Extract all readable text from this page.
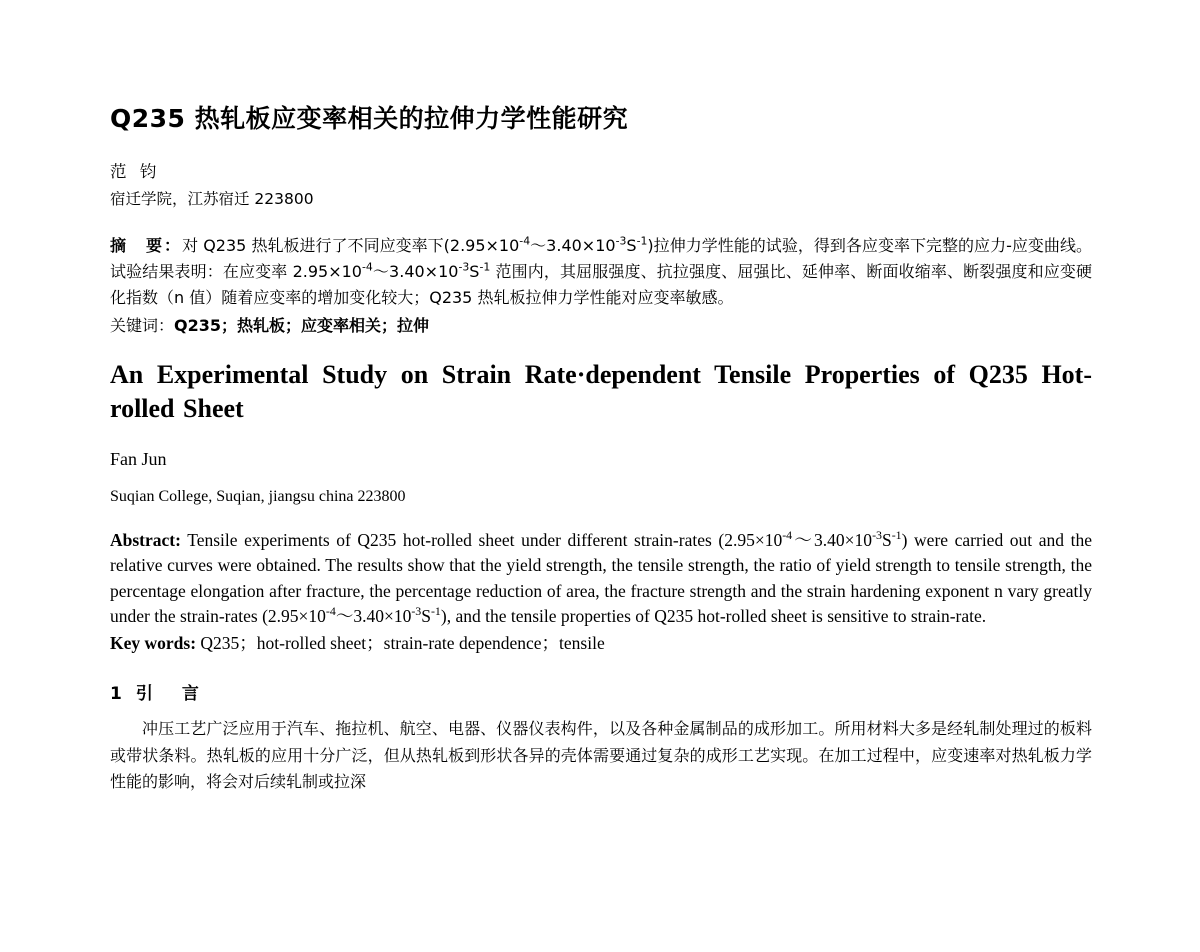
Q235 热轧板应变率相关的拉伸力学性能研究
范 钧
宿迁学院，江苏宿迁 223800

摘　要：对 Q235 热轧板进行了不同应变率下$(2.95\times 10^{-4}\sim 3.40\times 10^{-3}S^{-1})$拉伸力学性能的试验，得到各应变率下完整的应力‑应变曲线。试验结果表明：在应变率 $2.95\times 10^{-4}\sim 3.40\times 10^{-3}S^{-1}$ 范围内，其屈服强度、抗拉强度、屈强比、延伸率、断面收缩率、断裂强度和应变硬化指数（n 值）随着应变率的增加变化较大；Q235 热轧板拉伸力学性能对应变率敏感。

关键词：Q235；热轧板；应变率相关；拉伸

An Experimental Study on Strain Rate·dependent Tensile Properties of Q235 Hot-rolled Sheet
Fan Jun
Suqian College, Suqian, jiangsu china 223800

Abstract: Tensile experiments of Q235 hot-rolled sheet under different strain-rates $(2.95\times 10^{-4}\sim 3.40\times 10^{-3}S^{-1})$ were carried out and the relative curves were obtained. The results show that the yield strength, the tensile strength, the ratio of yield strength to tensile strength, the percentage elongation after fracture, the percentage reduction of area, the fracture strength and the strain hardening exponent n vary greatly under the strain-rates $(2.95\times 10^{-4}\sim 3.40\times 10^{-3}S^{-1})$, and the tensile properties of Q235 hot-rolled sheet is sensitive to strain-rate.

Key words: Q235；hot-rolled sheet；strain-rate dependence；tensile

1 引　言

冲压工艺广泛应用于汽车、拖拉机、航空、电器、仪器仪表构件，以及各种金属制品的成形加工。所用材料大多是经轧制处理过的板料或带状条料。热轧板的应用十分广泛，但从热轧板到形状各异的壳体需要通过复杂的成形工艺实现。在加工过程中，应变速率对热轧板力学性能的影响，将会对后续轧制或拉深
